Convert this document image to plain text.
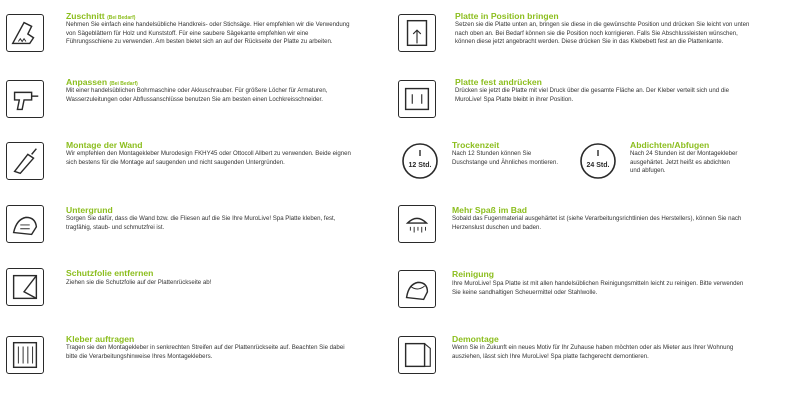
Zuschnitt (Bei Bedarf)
Nehmen Sie einfach eine handelsübliche Handkreis- oder Stichsäge. Hier empfehlen wir die Verwendung von Sägeblättern für Holz und Kunststoff. Für eine saubere Sägekante empfehlen wir eine Führungsschiene zu verwenden. Am besten bietet sich an auf der Rückseite der Platte zu arbeiten.
Anpassen (Bei Bedarf)
Mit einer handelsüblichen Bohrmaschine oder Akkuschrauber. Für größere Löcher für Armaturen, Wasserzuleitungen oder Abflussanschlüsse benutzen Sie am besten einen Lochkreisschneider.
Montage der Wand
Wir empfehlen den Montagekleber Murodesign FKHY45 oder Ottocoll Allbert zu verwenden. Beide eignen sich bestens für die Montage auf saugenden und nicht saugenden Untergründen.
Untergrund
Sorgen Sie dafür, dass die Wand bzw. die Fliesen auf die Sie Ihre MuroLive! Spa Platte kleben, fest, tragfähig, staub- und schmutzfrei ist.
Schutzfolie entfernen
Ziehen sie die Schutzfolie auf der Plattenrückseite ab!
Kleber auftragen
Tragen sie den Montagekleber in senkrechten Streifen auf der Plattenrückseite auf. Beachten Sie dabei bitte die Verarbeitungshinweise Ihres Montageklebers.
Platte in Position bringen
Setzen sie die Platte unten an, bringen sie diese in die gewünschte Position und drücken Sie leicht von unten nach oben an. Bei Bedarf können sie die Position noch korrigieren. Falls Sie Abschlussleisten wünschen, können diese jetzt angebracht werden. Diese drücken Sie in das Klebebett fest an die Plattenkante.
Platte fest andrücken
Drücken sie jetzt die Platte mit viel Druck über die gesamte Fläche an. Der Kleber verteilt sich und die MuroLive! Spa Platte bleibt in ihrer Position.
12 Std.
Trockenzeit
Nach 12 Stunden können Sie Duschstange und Ähnliches montieren.	24 Std.
Abdichten/Abfugen
Nach 24 Stunden ist der Montagekleber ausgehärtet. Jetzt heißt es abdichten und abfugen.
Mehr Spaß im Bad
Sobald das Fugenmaterial ausgehärtet ist (siehe Verarbeitungsrichtlinien des Herstellers), können Sie nach Herzenslust duschen und baden.
Reinigung
Ihre MuroLive! Spa Platte ist mit allen handelsüblichen Reinigungsmitteln leicht zu reinigen. Bitte verwenden Sie keine sandhaltigen Scheuermittel oder Stahlwolle.
Demontage
Wenn Sie in Zukunft ein neues Motiv für Ihr Zuhause haben möchten oder als Mieter aus Ihrer Wohnung ausziehen, lässt sich Ihre MuroLive! Spa platte fachgerecht demontieren.
